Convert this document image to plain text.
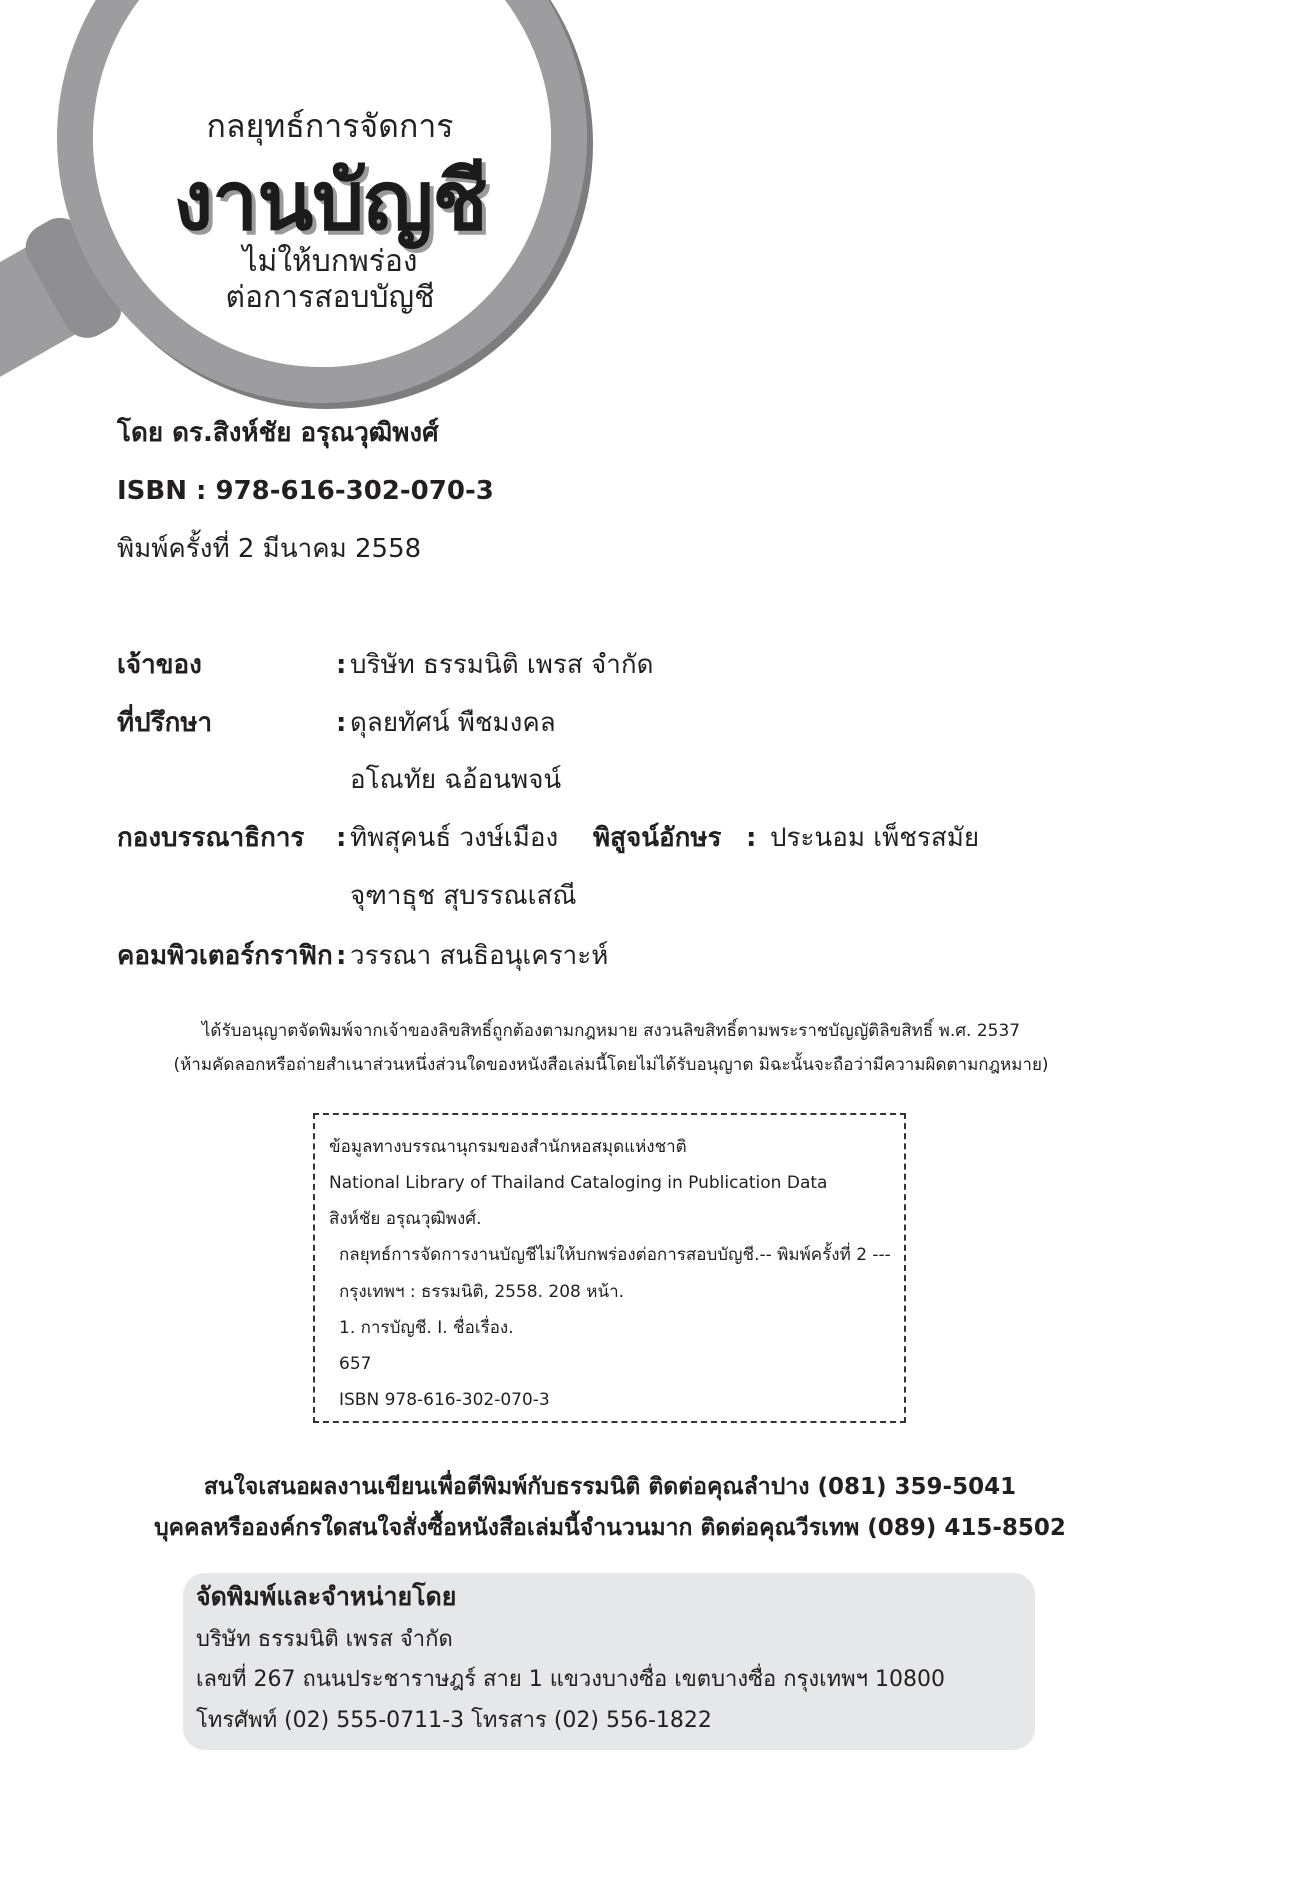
กลยุทธ์การจัดการ
งานบัญชี
ไม่ให้บกพร่อง
ต่อการสอบบัญชี
โดย ดร.สิงห์ชัย อรุณวุฒิพงศ์
ISBN : 978-616-302-070-3
พิมพ์ครั้งที่ 2 มีนาคม 2558
เจ้าของ	: บริษัท ธรรมนิติ เพรส จำกัด
ที่ปรึกษา	: ดุลยทัศน์ พืชมงคล
อโณทัย ฉอ้อนพจน์
กองบรรณาธิการ : ทิพสุคนธ์ วงษ์เมือง พิสูจน์อักษร : ประนอม เพ็ชรสมัย
จุฑาธุช สุบรรณเสณี
คอมพิวเตอร์กราฟิก : วรรณา สนธิอนุเคราะห์
ได้รับอนุญาตจัดพิมพ์จากเจ้าของลิขสิทธิ์ถูกต้องตามกฎหมาย สงวนลิขสิทธิ์ตามพระราชบัญญัติลิขสิทธิ์ พ.ศ. 2537
(ห้ามคัดลอกหรือถ่ายสำเนาส่วนหนึ่งส่วนใดของหนังสือเล่มนี้โดยไม่ได้รับอนุญาต มิฉะนั้นจะถือว่ามีความผิดตามกฎหมาย)
ข้อมูลทางบรรณานุกรมของสำนักหอสมุดแห่งชาติ
National Library of Thailand Cataloging in Publication Data
สิงห์ชัย อรุณวุฒิพงศ์.
กลยุทธ์การจัดการงานบัญชีไม่ให้บกพร่องต่อการสอบบัญชี.-- พิมพ์ครั้งที่ 2 ---
กรุงเทพฯ : ธรรมนิติ, 2558. 208 หน้า.
1. การบัญชี. I. ชื่อเรื่อง.
657
ISBN 978-616-302-070-3
สนใจเสนอผลงานเขียนเพื่อตีพิมพ์กับธรรมนิติ ติดต่อคุณลำปาง (081) 359-5041
บุคคลหรือองค์กรใดสนใจสั่งซื้อหนังสือเล่มนี้จำนวนมาก ติดต่อคุณวีรเทพ (089) 415-8502
จัดพิมพ์และจำหน่ายโดย
บริษัท ธรรมนิติ เพรส จำกัด
เลขที่ 267 ถนนประชาราษฎร์ สาย 1 แขวงบางซื่อ เขตบางซื่อ กรุงเทพฯ 10800
โทรศัพท์ (02) 555-0711-3 โทรสาร (02) 556-1822
